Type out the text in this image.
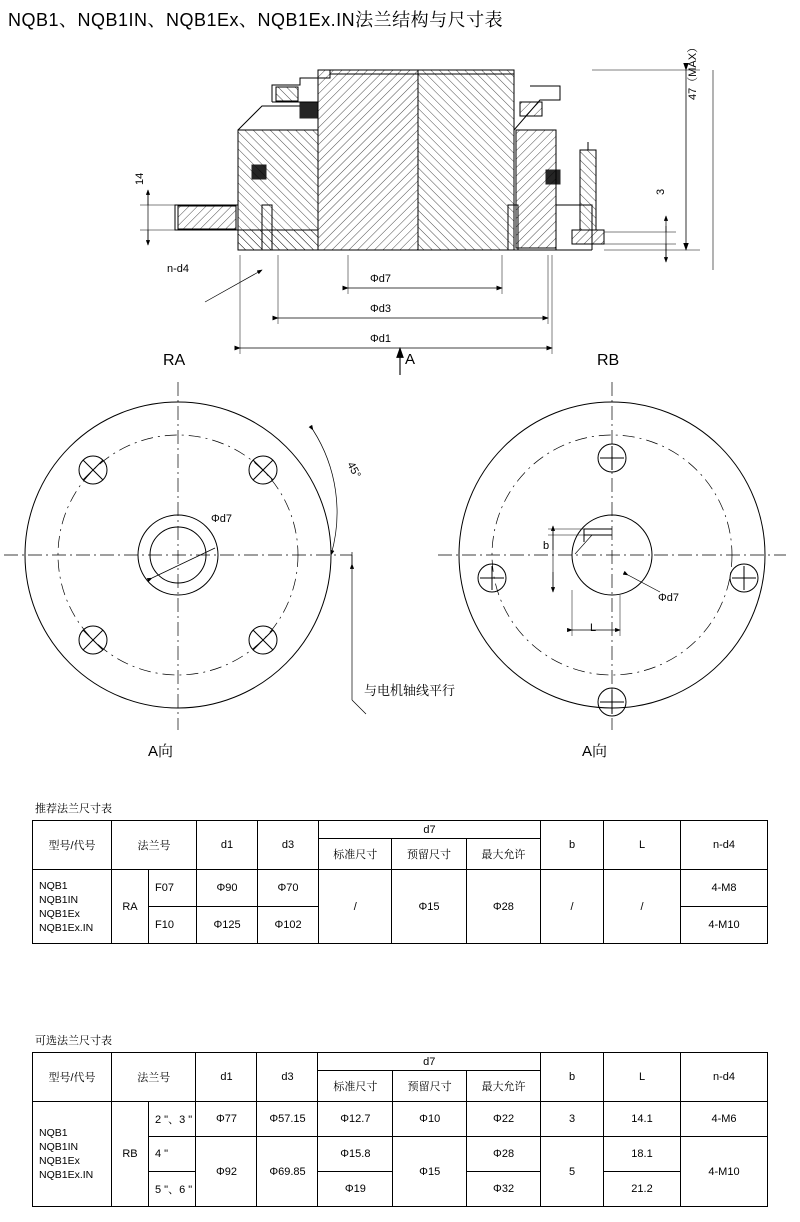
NQB1、NQB1IN、NQB1Ex、NQB1Ex.IN法兰结构与尺寸表
47（MAX）
14
3
n-d4
Φd7
Φd3
Φd1
A
RA
Φd7
45°
与电机轴线平行
A向
RB
Φd7
b
L
A向
推荐法兰尺寸表
型号/代号	法兰号		d1	d3	d7			b	L	n-d4
					标准尺寸	预留尺寸	最大允许			
NQB1
NQB1IN
NQB1Ex
NQB1Ex.IN	RA	F07	Φ90	Φ70	/	Φ15	Φ28	/	/	4-M8
		F10	Φ125	Φ102						4-M10
可选法兰尺寸表
型号/代号	法兰号		d1	d3	d7			b	L	n-d4
					标准尺寸	预留尺寸	最大允许			
NQB1
NQB1IN
NQB1Ex
NQB1Ex.IN	RB	2 "、3 "	Φ77	Φ57.15	Φ12.7	Φ10	Φ22	3	14.1	4-M6
		4 "	Φ92	Φ69.85	Φ15.8	Φ15	Φ28	5	18.1	4-M10
		5 "、6 "			Φ19		Φ32		21.2	
